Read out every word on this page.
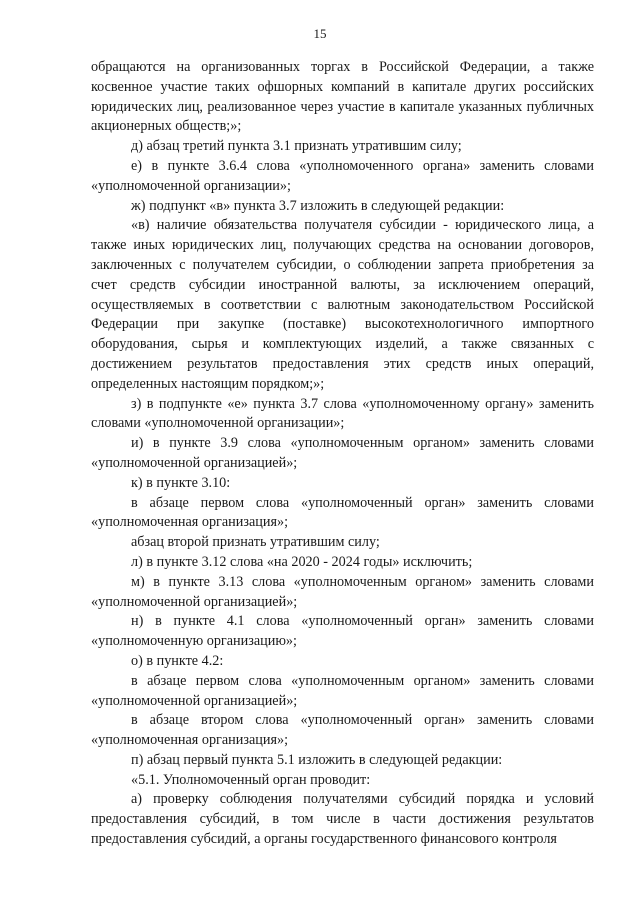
15

обращаются на организованных торгах в Российской Федерации, а также косвенное участие таких офшорных компаний в капитале других российских юридических лиц, реализованное через участие в капитале указанных публичных акционерных обществ;»;

д) абзац третий пункта 3.1 признать утратившим силу;

е) в пункте 3.6.4 слова «уполномоченного органа» заменить словами «уполномоченной организации»;

ж) подпункт «в» пункта 3.7 изложить в следующей редакции:

«в) наличие обязательства получателя субсидии - юридического лица, а также иных юридических лиц, получающих средства на основании договоров, заключенных с получателем субсидии, о соблюдении запрета приобретения за счет средств субсидии иностранной валюты, за исключением операций, осуществляемых в соответствии с валютным законодательством Российской Федерации при закупке (поставке) высокотехнологичного импортного оборудования, сырья и комплектующих изделий, а также связанных с достижением результатов предоставления этих средств иных операций, определенных настоящим порядком;»;

з) в подпункте «е» пункта 3.7 слова «уполномоченному органу» заменить словами «уполномоченной организации»;

и) в пункте 3.9 слова «уполномоченным органом» заменить словами «уполномоченной организацией»;

к) в пункте 3.10:

в абзаце первом слова «уполномоченный орган» заменить словами «уполномоченная организация»;

абзац второй признать утратившим силу;

л) в пункте 3.12 слова «на 2020 - 2024 годы» исключить;

м) в пункте 3.13 слова «уполномоченным органом» заменить словами «уполномоченной организацией»;

н) в пункте 4.1 слова «уполномоченный орган» заменить словами «уполномоченную организацию»;

о) в пункте 4.2:

в абзаце первом слова «уполномоченным органом» заменить словами «уполномоченной организацией»;

в абзаце втором слова «уполномоченный орган» заменить словами «уполномоченная организация»;

п) абзац первый пункта 5.1 изложить в следующей редакции:

«5.1. Уполномоченный орган проводит:

а) проверку соблюдения получателями субсидий порядка и условий предоставления субсидий, в том числе в части достижения результатов предоставления субсидий, а органы государственного финансового контроля
